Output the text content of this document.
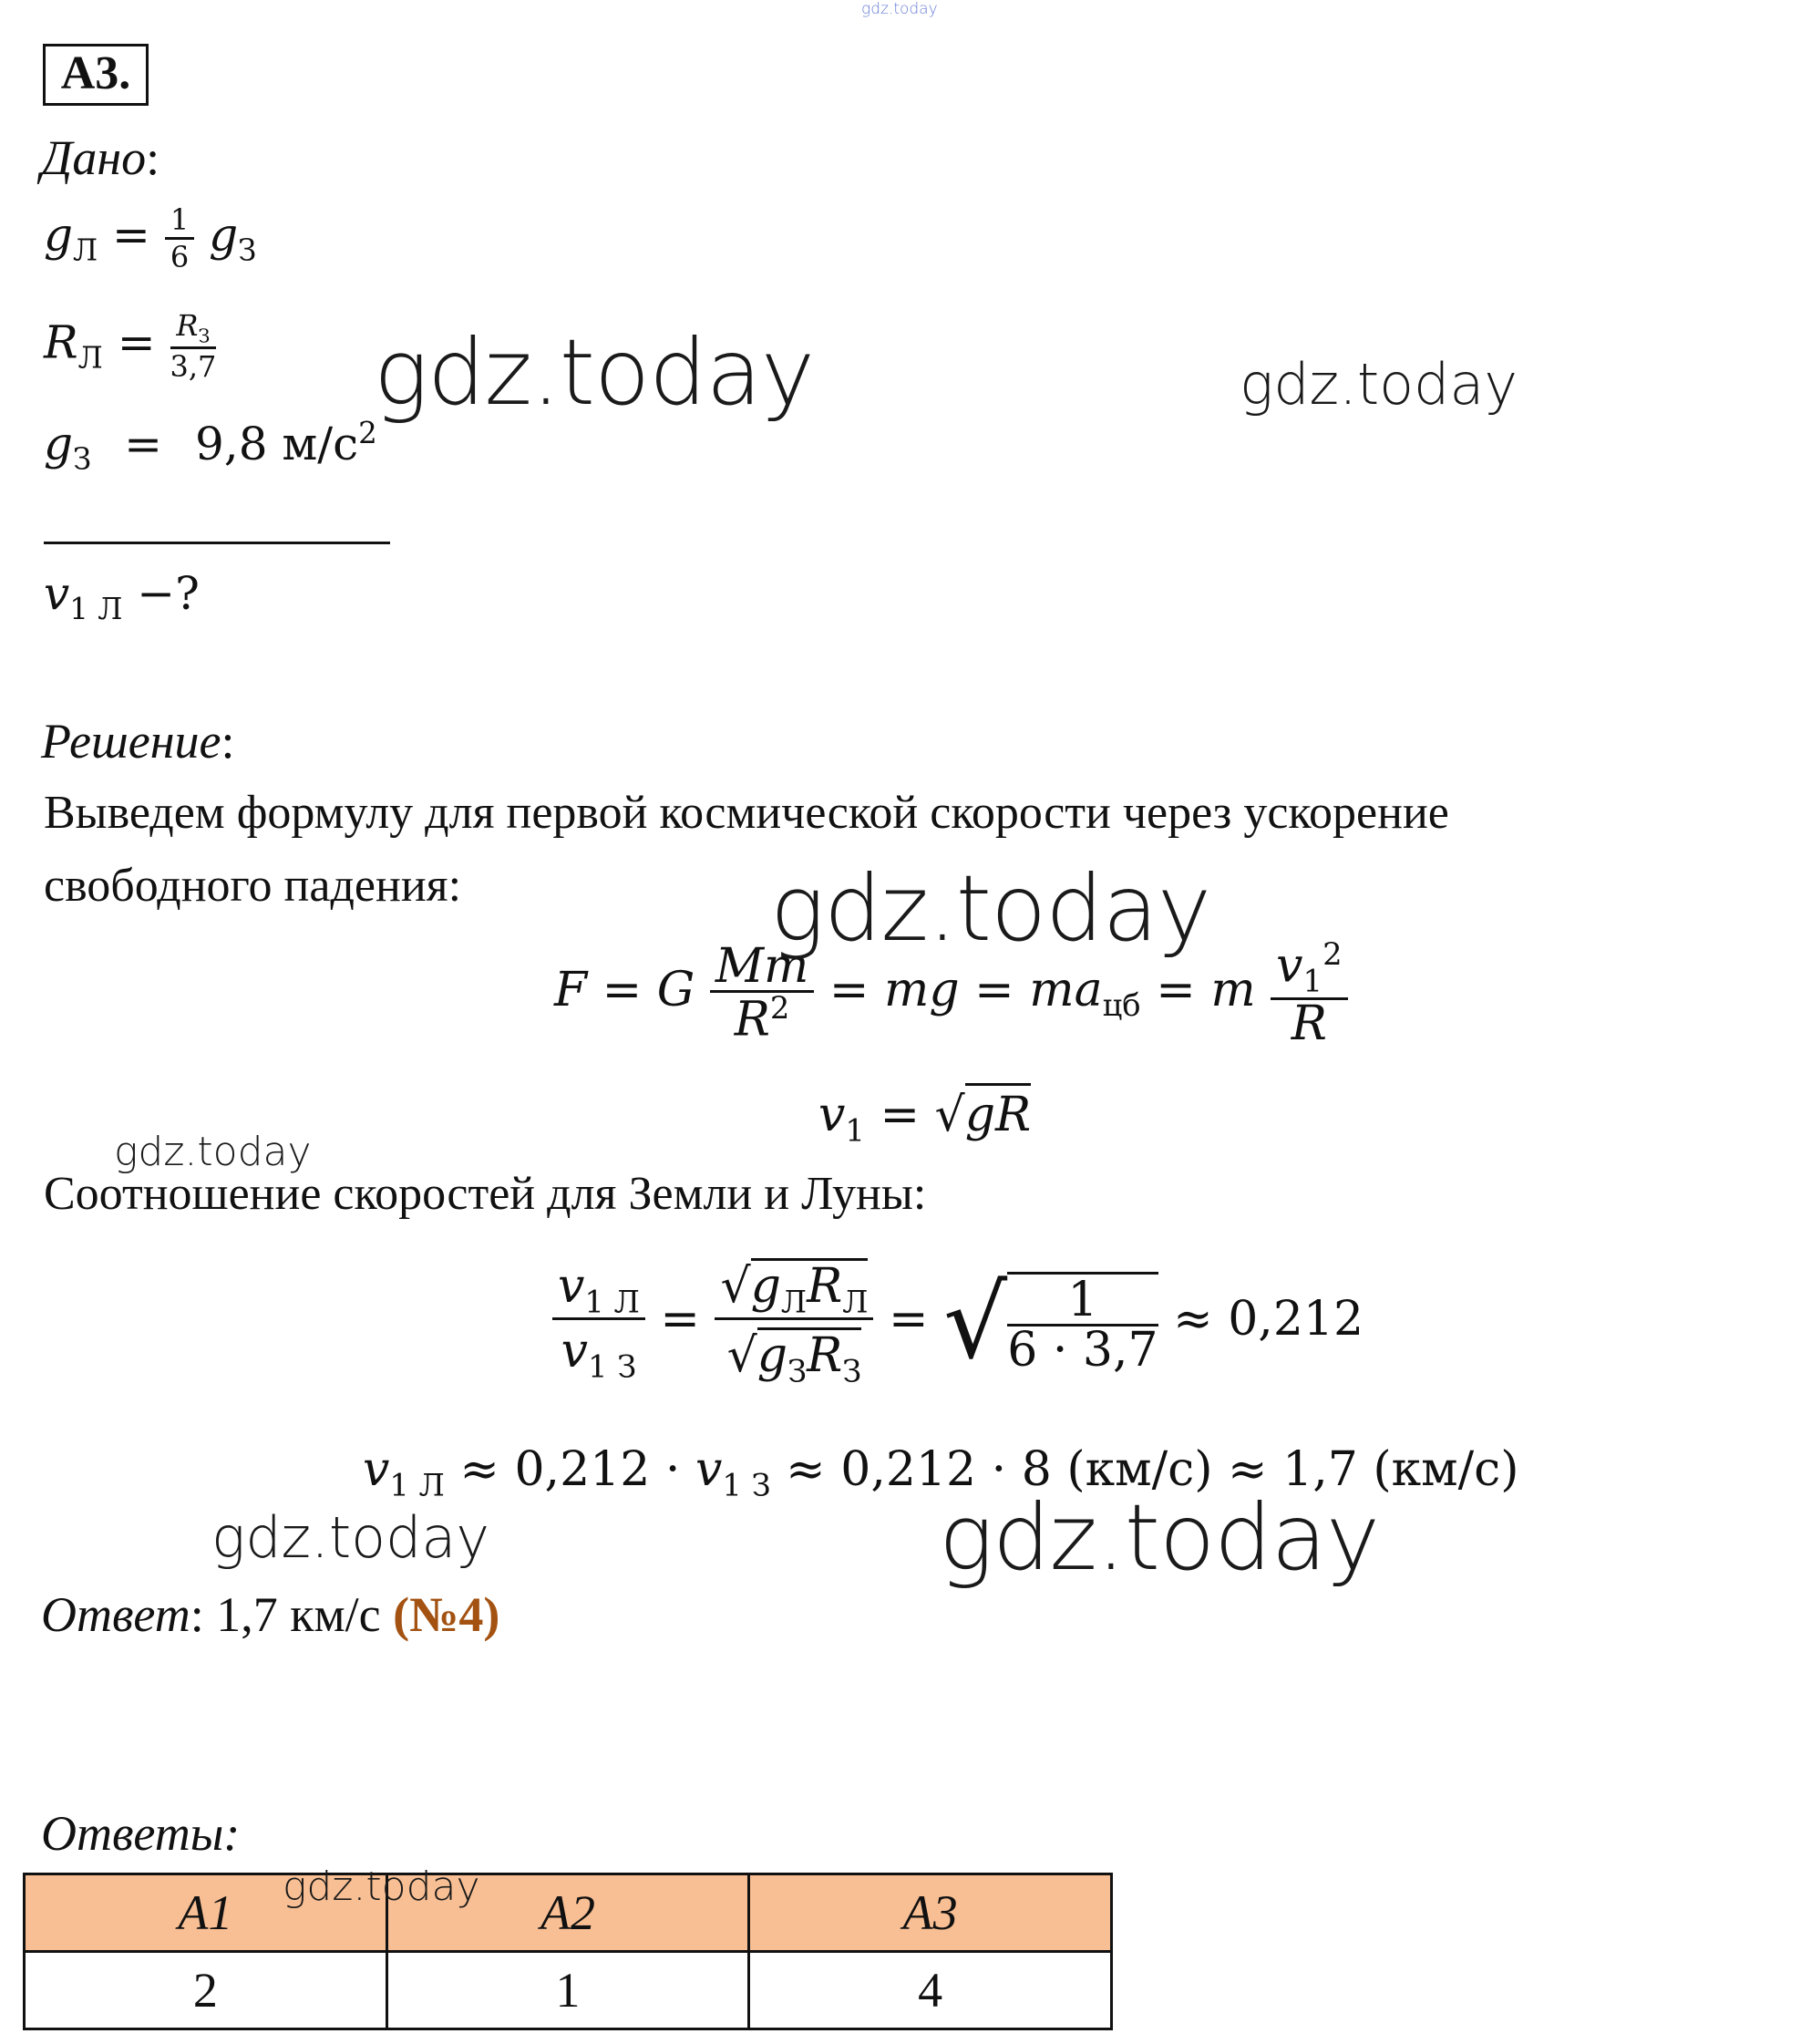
gdz.today
А3.
Дано:
$g_Л = \frac{1}{6} g_З$
$R_Л = \frac{R_З}{3,7}$
$g_З = 9,8$ $м/с^2$
$v_{1 Л}$ −?
Решение:
Выведем формулу для первой космической скорости через ускорение
свободного падения:
F = G $\frac{Mm}{R^2}$ = mg = $ma_{цб} = m \frac{v_1^2}{R}$
$v_1 = √gR$
Соотношение скоростей для Земли и Луны:
$\frac{v_{1 Л}}{v_{1 З}} = \frac{√g_ЛR_Л}{√g_ЗR_З}$ = √ $\frac{1}{6 \cdot 3,7} \approx 0,212$
$v_{1 Л} \approx 0,212 \cdot v_{1 З} \approx 0,212 \cdot 8$ (км/с) ≈ 1,7 (км/с)
Ответ: 1,7 км/с (№4)
Ответы:
A1	A2	A3
2	1	4
gdz.today	gdz.today
gdz.today
gdz.today
gdz.today	gdz.today
gdz.today
